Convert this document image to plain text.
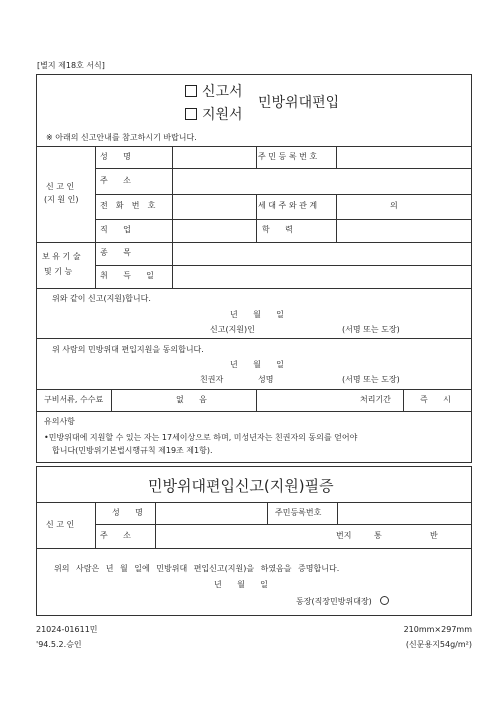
[별지 제18호 서식]
신고서
지원서
민방위대편입
※ 아래의 신고안내를 참고하시기 바랍니다.
신 고 인
(지 원 인)
성 명	주 민 등 록 번 호
주 소
전 화 번 호	세 대 주 와 관 계	의
직 업	학 력
보 유 기 술
및 기 능
종 목
취 득 일
위와 같이 신고(지원)합니다.
년 월 일
신고(지원)인	(서명 또는 도장)
위 사람의 민방위대 편입지원을 동의합니다.
년 월 일
친권자	성명	(서명 또는 도장)
구비서류, 수수료	없 음	처리기간	즉 시
유의사항
•민방위대에 지원할 수 있는 자는 17세이상으로 하며, 미성년자는 친권자의 동의를 얻어야
합니다(민방위기본법시행규칙 제19조 제1항).
민방위대편입신고(지원)필증
신 고 인
성 명	주민등록번호
주 소	번지	통	반
위의 사람은 년 월 일에 민방위대 편입신고(지원)을 하였음을 증명합니다.
년 월 일
동장(직장민방위대장)
21024-01611민
'94.5.2.승인
210mm×297mm
(신문용지54g/m²)
